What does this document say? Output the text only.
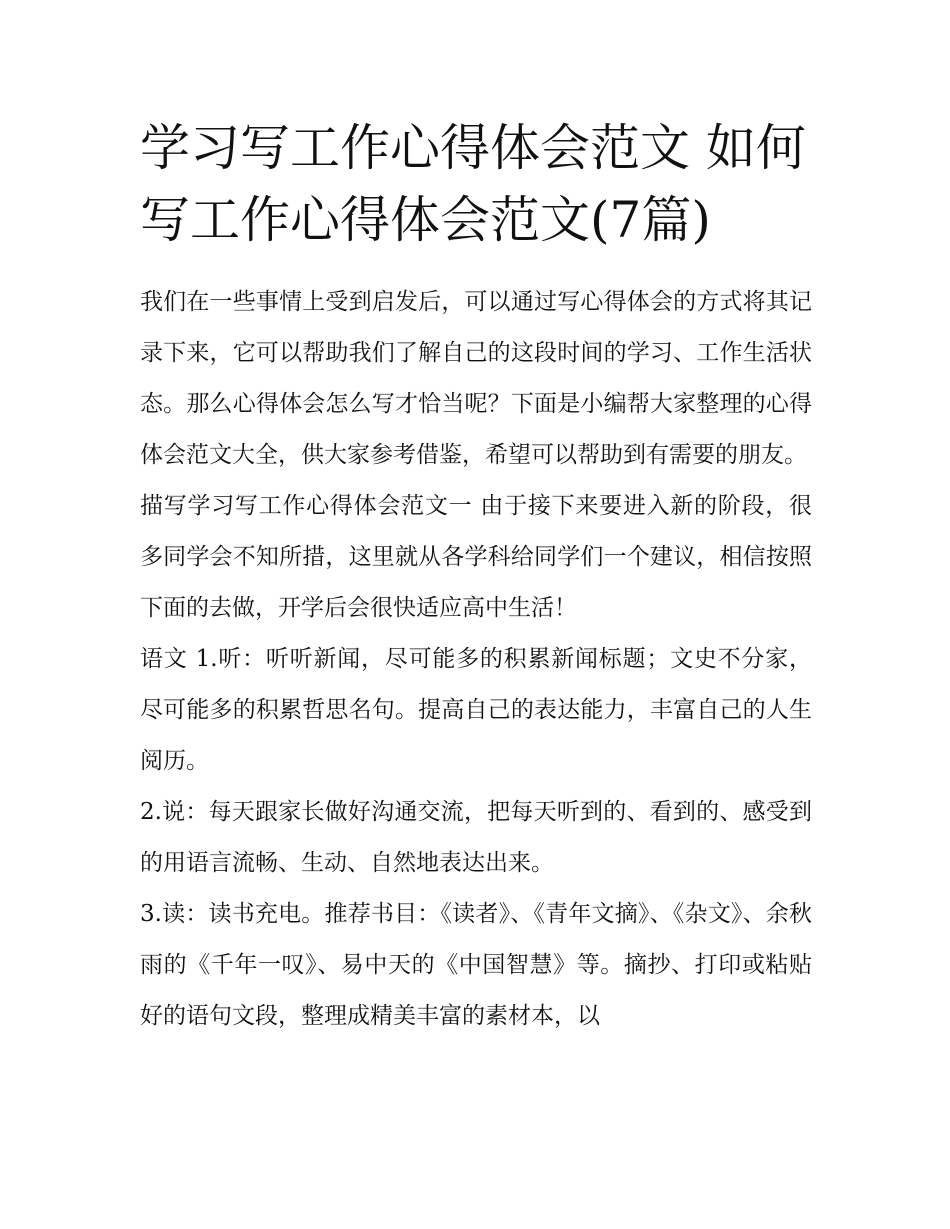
学习写工作心得体会范文 如何写工作心得体会范文(7篇)

我们在一些事情上受到启发后，可以通过写心得体会的方式将其记录下来，它可以帮助我们了解自己的这段时间的学习、工作生活状态。那么心得体会怎么写才恰当呢？下面是小编帮大家整理的心得体会范文大全，供大家参考借鉴，希望可以帮助到有需要的朋友。

描写学习写工作心得体会范文一 由于接下来要进入新的阶段，很多同学会不知所措，这里就从各学科给同学们一个建议，相信按照下面的去做，开学后会很快适应高中生活！

语文 1.听：听听新闻，尽可能多的积累新闻标题；文史不分家，尽可能多的积累哲思名句。提高自己的表达能力，丰富自己的人生阅历。

2.说：每天跟家长做好沟通交流，把每天听到的、看到的、感受到的用语言流畅、生动、自然地表达出来。

3.读：读书充电。推荐书目：《读者》、《青年文摘》、《杂文》、余秋雨的《千年一叹》、易中天的《中国智慧》等。摘抄、打印或粘贴好的语句文段，整理成精美丰富的素材本，以
